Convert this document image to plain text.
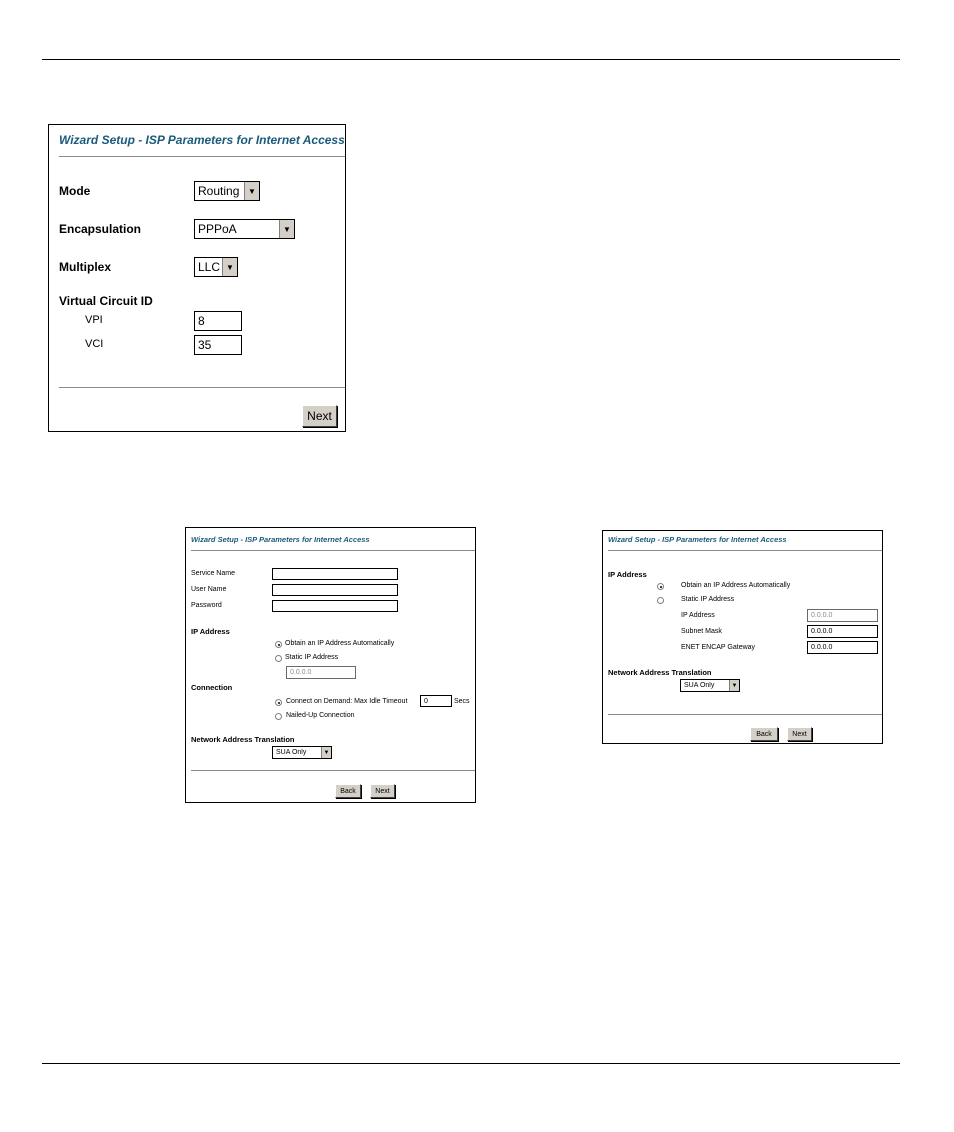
Wizard Setup - ISP Parameters for Internet Access
Mode	Routing	▼
Encapsulation	PPPoA	▼
Multiplex	LLC ▼
Virtual Circuit ID
VPI	8
VCI	35
Next
Wizard Setup - ISP Parameters for Internet Access
Service Name
User Name
Password
IP Address
Obtain an IP Address Automatically
Static IP Address
0.0.0.0
Connection
Connect on Demand: Max Idle Timeout	0	Secs
Nailed-Up Connection
Network Address Translation
SUA Only	▼
Back	Next
Wizard Setup - ISP Parameters for Internet Access
IP Address
Obtain an IP Address Automatically
Static IP Address
IP Address	0.0.0.0
Subnet Mask	0.0.0.0
ENET ENCAP Gateway	0.0.0.0
Network Address Translation
SUA Only	▼
Back	Next
